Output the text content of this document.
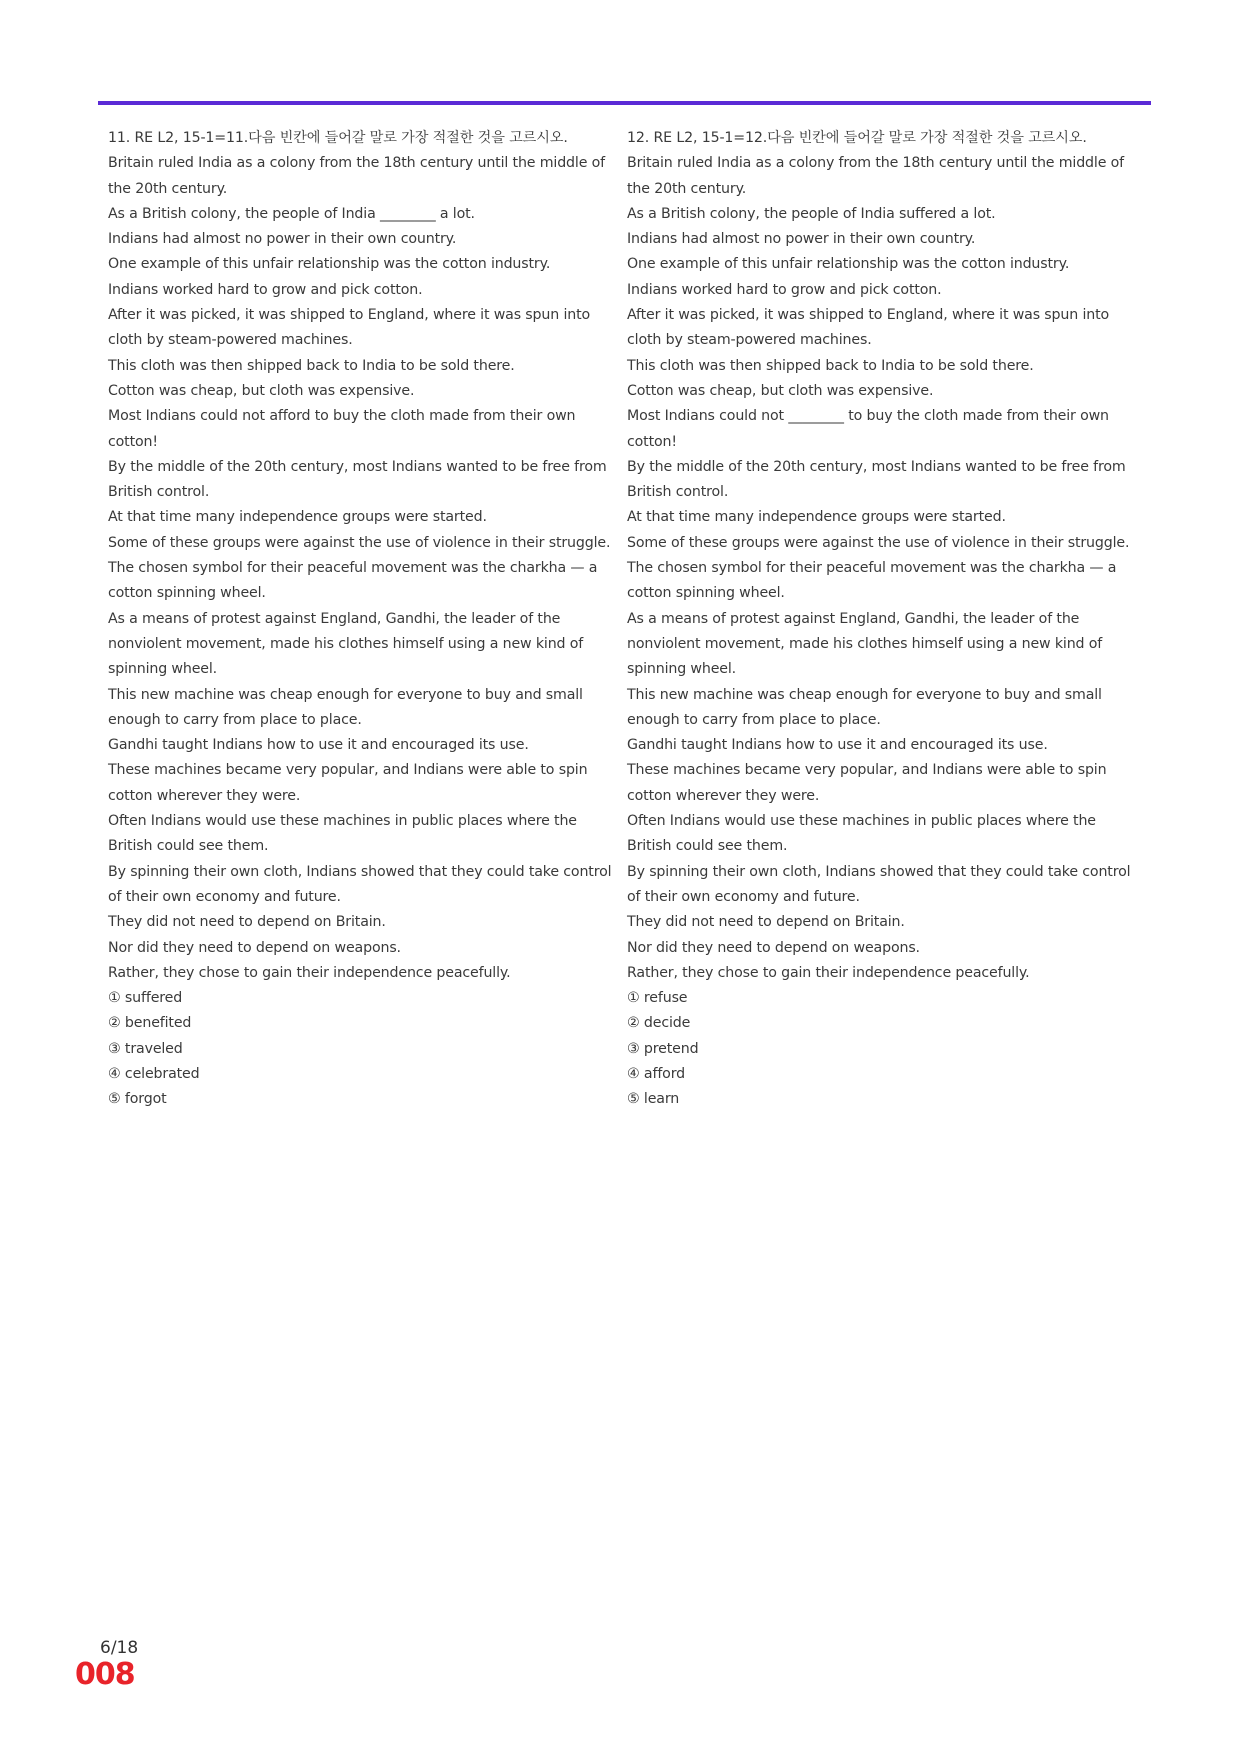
11. RE L2, 15-1=11.다음 빈칸에 들어갈 말로 가장 적절한 것을 고르시오.

Britain ruled India as a colony from the 18th century until the middle of the 20th century.

As a British colony, the people of India ________ a lot.

Indians had almost no power in their own country.

One example of this unfair relationship was the cotton industry.

Indians worked hard to grow and pick cotton.

After it was picked, it was shipped to England, where it was spun into cloth by steam-powered machines.

This cloth was then shipped back to India to be sold there.

Cotton was cheap, but cloth was expensive.

Most Indians could not afford to buy the cloth made from their own cotton!

By the middle of the 20th century, most Indians wanted to be free from British control.

At that time many independence groups were started.

Some of these groups were against the use of violence in their struggle.

The chosen symbol for their peaceful movement was the charkha — a cotton spinning wheel.

As a means of protest against England, Gandhi, the leader of the nonviolent movement, made his clothes himself using a new kind of spinning wheel.

This new machine was cheap enough for everyone to buy and small enough to carry from place to place.

Gandhi taught Indians how to use it and encouraged its use.

These machines became very popular, and Indians were able to spin cotton wherever they were.

Often Indians would use these machines in public places where the British could see them.

By spinning their own cloth, Indians showed that they could take control of their own economy and future.

They did not need to depend on Britain.

Nor did they need to depend on weapons.

Rather, they chose to gain their independence peacefully.

① suffered

② benefited

③ traveled

④ celebrated

⑤ forgot

12. RE L2, 15-1=12.다음 빈칸에 들어갈 말로 가장 적절한 것을 고르시오.

Britain ruled India as a colony from the 18th century until the middle of the 20th century.

As a British colony, the people of India suffered a lot.

Indians had almost no power in their own country.

One example of this unfair relationship was the cotton industry.

Indians worked hard to grow and pick cotton.

After it was picked, it was shipped to England, where it was spun into cloth by steam-powered machines.

This cloth was then shipped back to India to be sold there.

Cotton was cheap, but cloth was expensive.

Most Indians could not ________ to buy the cloth made from their own cotton!

By the middle of the 20th century, most Indians wanted to be free from British control.

At that time many independence groups were started.

Some of these groups were against the use of violence in their struggle.

The chosen symbol for their peaceful movement was the charkha — a cotton spinning wheel.

As a means of protest against England, Gandhi, the leader of the nonviolent movement, made his clothes himself using a new kind of spinning wheel.

This new machine was cheap enough for everyone to buy and small enough to carry from place to place.

Gandhi taught Indians how to use it and encouraged its use.

These machines became very popular, and Indians were able to spin cotton wherever they were.

Often Indians would use these machines in public places where the British could see them.

By spinning their own cloth, Indians showed that they could take control of their own economy and future.

They did not need to depend on Britain.

Nor did they need to depend on weapons.

Rather, they chose to gain their independence peacefully.

① refuse

② decide

③ pretend

④ afford

⑤ learn

6/18
008
